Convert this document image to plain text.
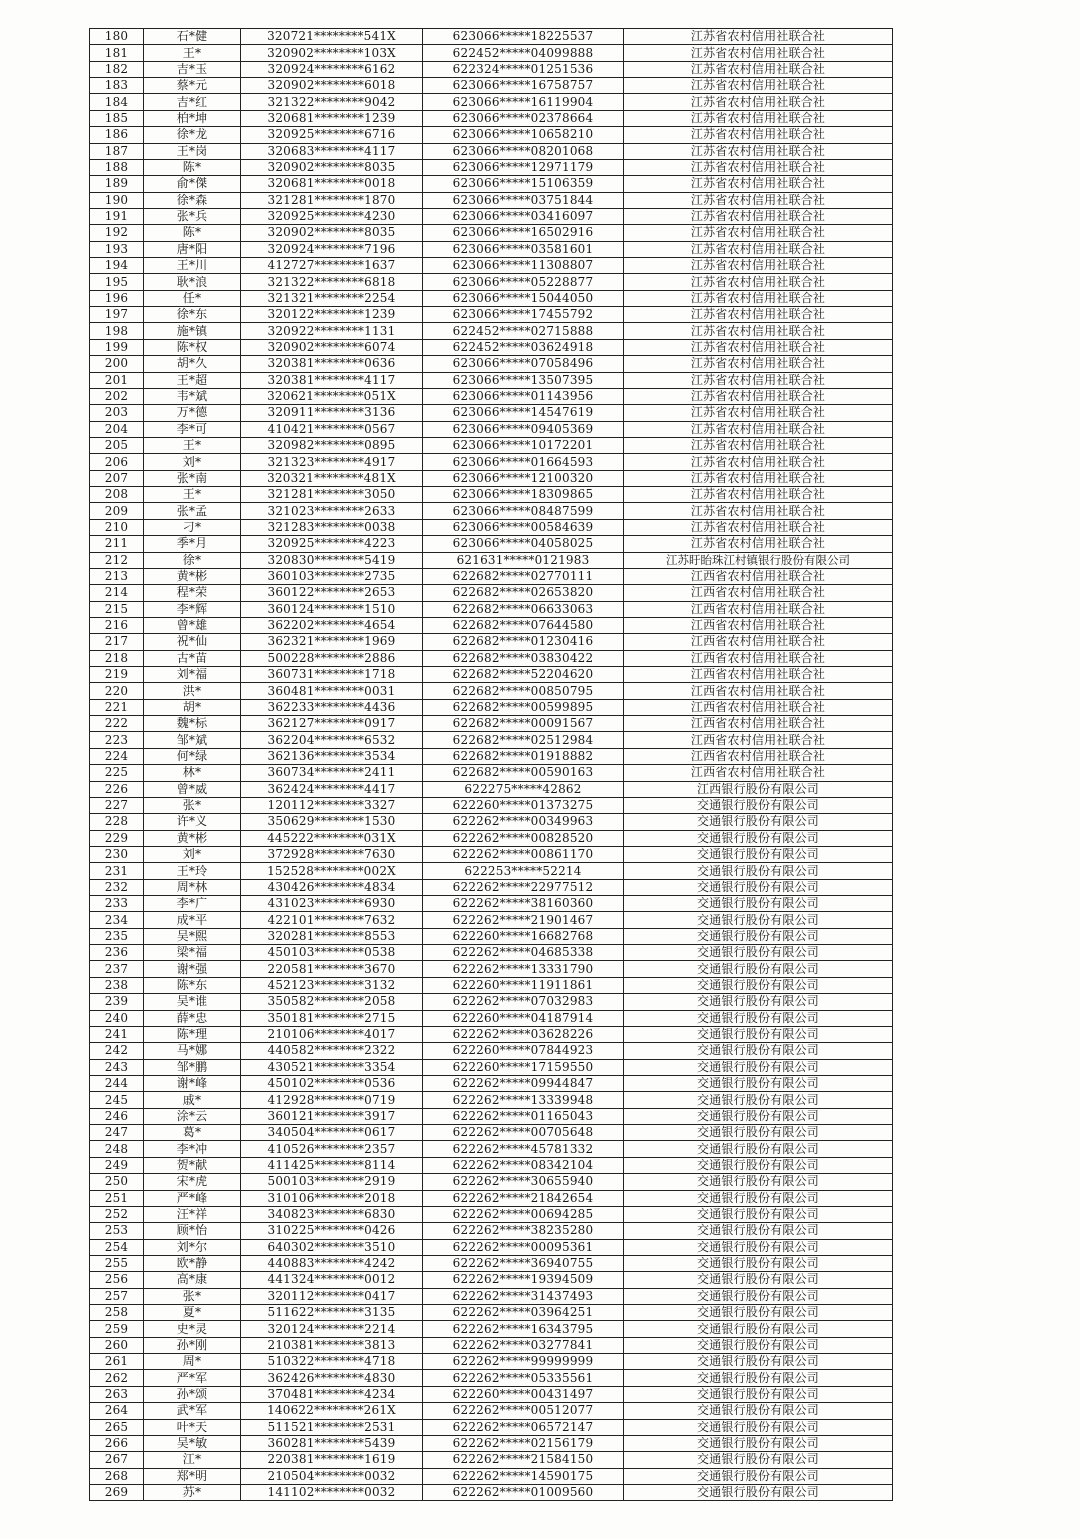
180	石*健	320721********541X	623066*****18225537	江苏省农村信用社联合社
181	王*	320902********103X	622452*****04099888	江苏省农村信用社联合社
182	吉*玉	320924********6162	622324*****01251536	江苏省农村信用社联合社
183	蔡*元	320902********6018	623066*****16758757	江苏省农村信用社联合社
184	吉*红	321322********9042	623066*****16119904	江苏省农村信用社联合社
185	柏*坤	320681********1239	623066*****02378664	江苏省农村信用社联合社
186	徐*龙	320925********6716	623066*****10658210	江苏省农村信用社联合社
187	王*岗	320683********4117	623066*****08201068	江苏省农村信用社联合社
188	陈*	320902********8035	623066*****12971179	江苏省农村信用社联合社
189	俞*傑	320681********0018	623066*****15106359	江苏省农村信用社联合社
190	徐*森	321281********1870	623066*****03751844	江苏省农村信用社联合社
191	张*兵	320925********4230	623066*****03416097	江苏省农村信用社联合社
192	陈*	320902********8035	623066*****16502916	江苏省农村信用社联合社
193	唐*阳	320924********7196	623066*****03581601	江苏省农村信用社联合社
194	王*川	412727********1637	623066*****11308807	江苏省农村信用社联合社
195	耿*浪	321322********6818	623066*****05228877	江苏省农村信用社联合社
196	任*	321321********2254	623066*****15044050	江苏省农村信用社联合社
197	徐*东	320122********1239	623066*****17455792	江苏省农村信用社联合社
198	施*镇	320922********1131	622452*****02715888	江苏省农村信用社联合社
199	陈*权	320902********6074	622452*****03624918	江苏省农村信用社联合社
200	胡*久	320381********0636	623066*****07058496	江苏省农村信用社联合社
201	王*超	320381********4117	623066*****13507395	江苏省农村信用社联合社
202	韦*斌	320621********051X	623066*****01143956	江苏省农村信用社联合社
203	万*德	320911********3136	623066*****14547619	江苏省农村信用社联合社
204	李*可	410421********0567	623066*****09405369	江苏省农村信用社联合社
205	王*	320982********0895	623066*****10172201	江苏省农村信用社联合社
206	刘*	321323********4917	623066*****01664593	江苏省农村信用社联合社
207	张*南	320321********481X	623066*****12100320	江苏省农村信用社联合社
208	王*	321281********3050	623066*****18309865	江苏省农村信用社联合社
209	张*孟	321023********2633	623066*****08487599	江苏省农村信用社联合社
210	刁*	321283********0038	623066*****00584639	江苏省农村信用社联合社
211	季*月	320925********4223	623066*****04058025	江苏省农村信用社联合社
212	徐*	320830********5419	621631*****0121983	江苏盱眙珠江村镇银行股份有限公司
213	黄*彬	360103********2735	622682*****02770111	江西省农村信用社联合社
214	程*荣	360122********2653	622682*****02653820	江西省农村信用社联合社
215	李*辉	360124********1510	622682*****06633063	江西省农村信用社联合社
216	曾*雄	362202********4654	622682*****07644580	江西省农村信用社联合社
217	祝*仙	362321********1969	622682*****01230416	江西省农村信用社联合社
218	古*苗	500228********2886	622682*****03830422	江西省农村信用社联合社
219	刘*福	360731********1718	622682*****52204620	江西省农村信用社联合社
220	洪*	360481********0031	622682*****00850795	江西省农村信用社联合社
221	胡*	362233********4436	622682*****00599895	江西省农村信用社联合社
222	魏*标	362127********0917	622682*****00091567	江西省农村信用社联合社
223	邹*斌	362204********6532	622682*****02512984	江西省农村信用社联合社
224	何*绿	362136********3534	622682*****01918882	江西省农村信用社联合社
225	林*	360734********2411	622682*****00590163	江西省农村信用社联合社
226	曾*威	362424********4417	622275*****42862	江西银行股份有限公司
227	张*	120112********3327	622260*****01373275	交通银行股份有限公司
228	许*义	350629********1530	622262*****00349963	交通银行股份有限公司
229	黄*彬	445222********031X	622262*****00828520	交通银行股份有限公司
230	刘*	372928********7630	622262*****00861170	交通银行股份有限公司
231	王*玲	152528********002X	622253*****52214	交通银行股份有限公司
232	周*林	430426********4834	622262*****22977512	交通银行股份有限公司
233	李*广	431023********6930	622262*****38160360	交通银行股份有限公司
234	成*平	422101********7632	622262*****21901467	交通银行股份有限公司
235	吴*熙	320281********8553	622260*****16682768	交通银行股份有限公司
236	梁*福	450103********0538	622262*****04685338	交通银行股份有限公司
237	谢*强	220581********3670	622262*****13331790	交通银行股份有限公司
238	陈*东	452123********3132	622260*****11911861	交通银行股份有限公司
239	吴*谁	350582********2058	622262*****07032983	交通银行股份有限公司
240	薛*忠	350181********2715	622260*****04187914	交通银行股份有限公司
241	陈*理	210106********4017	622262*****03628226	交通银行股份有限公司
242	马*娜	440582********2322	622260*****07844923	交通银行股份有限公司
243	邹*鹏	430521********3354	622260*****17159550	交通银行股份有限公司
244	谢*峰	450102********0536	622262*****09944847	交通银行股份有限公司
245	戚*	412928********0719	622262*****13339948	交通银行股份有限公司
246	涂*云	360121********3917	622262*****01165043	交通银行股份有限公司
247	葛*	340504********0617	622262*****00705648	交通银行股份有限公司
248	李*冲	410526********2357	622262*****45781332	交通银行股份有限公司
249	贺*献	411425********8114	622262*****08342104	交通银行股份有限公司
250	宋*虎	500103********2919	622262*****30655940	交通银行股份有限公司
251	严*峰	310106********2018	622262*****21842654	交通银行股份有限公司
252	汪*祥	340823********6830	622262*****00694285	交通银行股份有限公司
253	顾*怡	310225********0426	622262*****38235280	交通银行股份有限公司
254	刘*尔	640302********3510	622262*****00095361	交通银行股份有限公司
255	欧*静	440883********4242	622262*****36940755	交通银行股份有限公司
256	高*康	441324********0012	622262*****19394509	交通银行股份有限公司
257	张*	320112********0417	622262*****31437493	交通银行股份有限公司
258	夏*	511622********3135	622262*****03964251	交通银行股份有限公司
259	史*灵	320124********2214	622262*****16343795	交通银行股份有限公司
260	孙*刚	210381********3813	622262*****03277841	交通银行股份有限公司
261	周*	510322********4718	622262*****99999999	交通银行股份有限公司
262	严*军	362426********4830	622262*****05335561	交通银行股份有限公司
263	孙*颂	370481********4234	622260*****00431497	交通银行股份有限公司
264	武*军	140622********261X	622262*****00512077	交通银行股份有限公司
265	叶*天	511521********2531	622262*****06572147	交通银行股份有限公司
266	吴*敏	360281********5439	622262*****02156179	交通银行股份有限公司
267	江*	220381********1619	622262*****21584150	交通银行股份有限公司
268	郑*明	210504********0032	622262*****14590175	交通银行股份有限公司
269	苏*	141102********0032	622262*****01009560	交通银行股份有限公司
